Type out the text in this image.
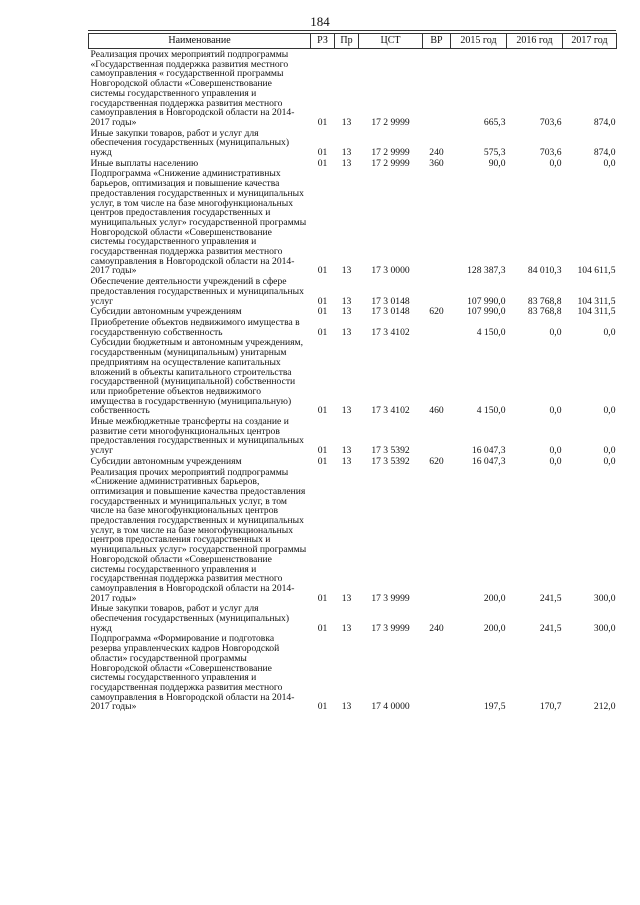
184
Наименование	РЗ	Пр	ЦСТ	ВР	2015 год	2016 год	2017 год
Реализация прочих мероприятий подпрограммы «Государственная поддержка развития местного самоуправления « государственной программы Новгородской области «Совершенствование системы государственного управления и государственная поддержка развития местного самоуправления в Новгородской области на 2014-2017 годы»	01	13	17 2 9999		665,3	703,6	874,0
Иные закупки товаров, работ и услуг для обеспечения государственных (муниципальных) нужд	01	13	17 2 9999	240	575,3	703,6	874,0
Иные выплаты населению	01	13	17 2 9999	360	90,0	0,0	0,0
Подпрограмма «Снижение административных барьеров, оптимизация и повышение качества предоставления государственных и муниципальных услуг, в том числе на базе многофункциональных центров предоставления государственных и муниципальных услуг» государственной программы Новгородской области «Совершенствование системы государственного управления и государственная поддержка развития местного самоуправления в Новгородской области на 2014-2017 годы»	01	13	17 3 0000		128 387,3	84 010,3	104 611,5
Обеспечение деятельности учреждений в сфере предоставления государственных и муниципальных услуг	01	13	17 3 0148		107 990,0	83 768,8	104 311,5
Субсидии автономным учреждениям	01	13	17 3 0148	620	107 990,0	83 768,8	104 311,5
Приобретение объектов недвижимого имущества в государственную собственность	01	13	17 3 4102		4 150,0	0,0	0,0
Субсидии бюджетным и автономным учреждениям, государственным (муниципальным) унитарным предприятиям на осуществление капитальных вложений в объекты капитального строительства государственной (муниципальной) собственности или приобретение объектов недвижимого имущества в государственную (муниципальную) собственность	01	13	17 3 4102	460	4 150,0	0,0	0,0
Иные межбюджетные трансферты на создание и развитие сети многофункциональных центров предоставления государственных и муниципальных услуг	01	13	17 3 5392		16 047,3	0,0	0,0
Субсидии автономным учреждениям	01	13	17 3 5392	620	16 047,3	0,0	0,0
Реализация прочих мероприятий подпрограммы «Снижение административных барьеров, оптимизация и повышение качества предоставления государственных и муниципальных услуг, в том числе на базе многофункциональных центров предоставления государственных и муниципальных услуг, в том числе на базе многофункциональных центров предоставления государственных и муниципальных услуг» государственной программы Новгородской области «Совершенствование системы государственного управления и государственная поддержка развития местного самоуправления в Новгородской области на 2014-2017 годы»	01	13	17 3 9999		200,0	241,5	300,0
Иные закупки товаров, работ и услуг для обеспечения государственных (муниципальных) нужд	01	13	17 3 9999	240	200,0	241,5	300,0
Подпрограмма «Формирование и подготовка резерва управленческих кадров Новгородской области» государственной программы Новгородской области «Совершенствование системы государственного управления и государственная поддержка развития местного самоуправления в Новгородской области на 2014-2017 годы»	01	13	17 4 0000		197,5	170,7	212,0
